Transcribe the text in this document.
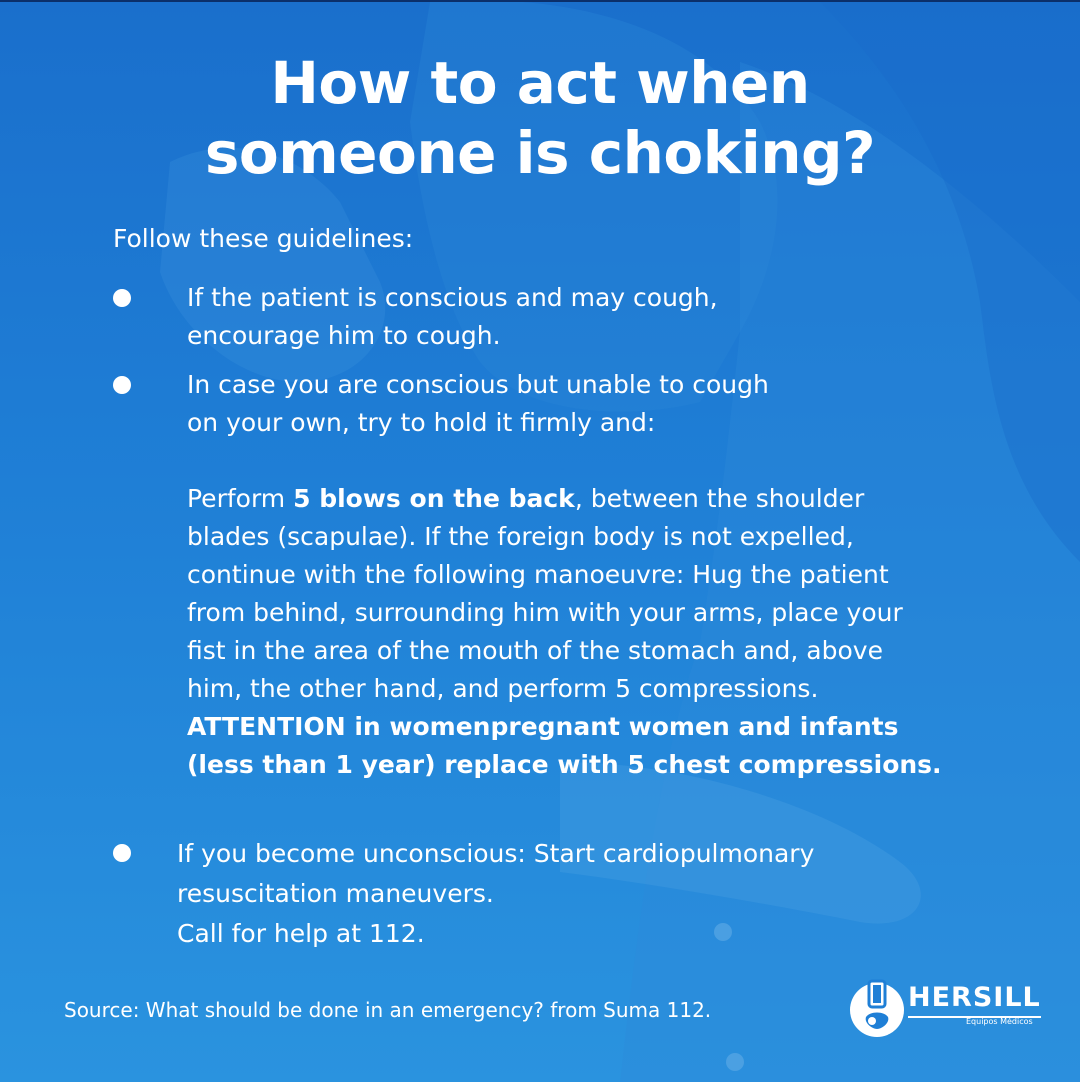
How to act when
someone is choking?

Follow these guidelines:

If the patient is conscious and may cough,
encourage him to cough.

In case you are conscious but unable to cough
on your own, try to hold it firmly and:

Perform 5 blows on the back, between the shoulder
blades (scapulae). If the foreign body is not expelled,
continue with the following manoeuvre: Hug the patient
from behind, surrounding him with your arms, place your
fist in the area of the mouth of the stomach and, above
him, the other hand, and perform 5 compressions.
ATTENTION in womenpregnant women and infants
(less than 1 year) replace with 5 chest compressions.

If you become unconscious: Start cardiopulmonary
resuscitation maneuvers.
Call for help at 112.

Source: What should be done in an emergency? from Suma 112.	HERSILL
Equipos Médicos
